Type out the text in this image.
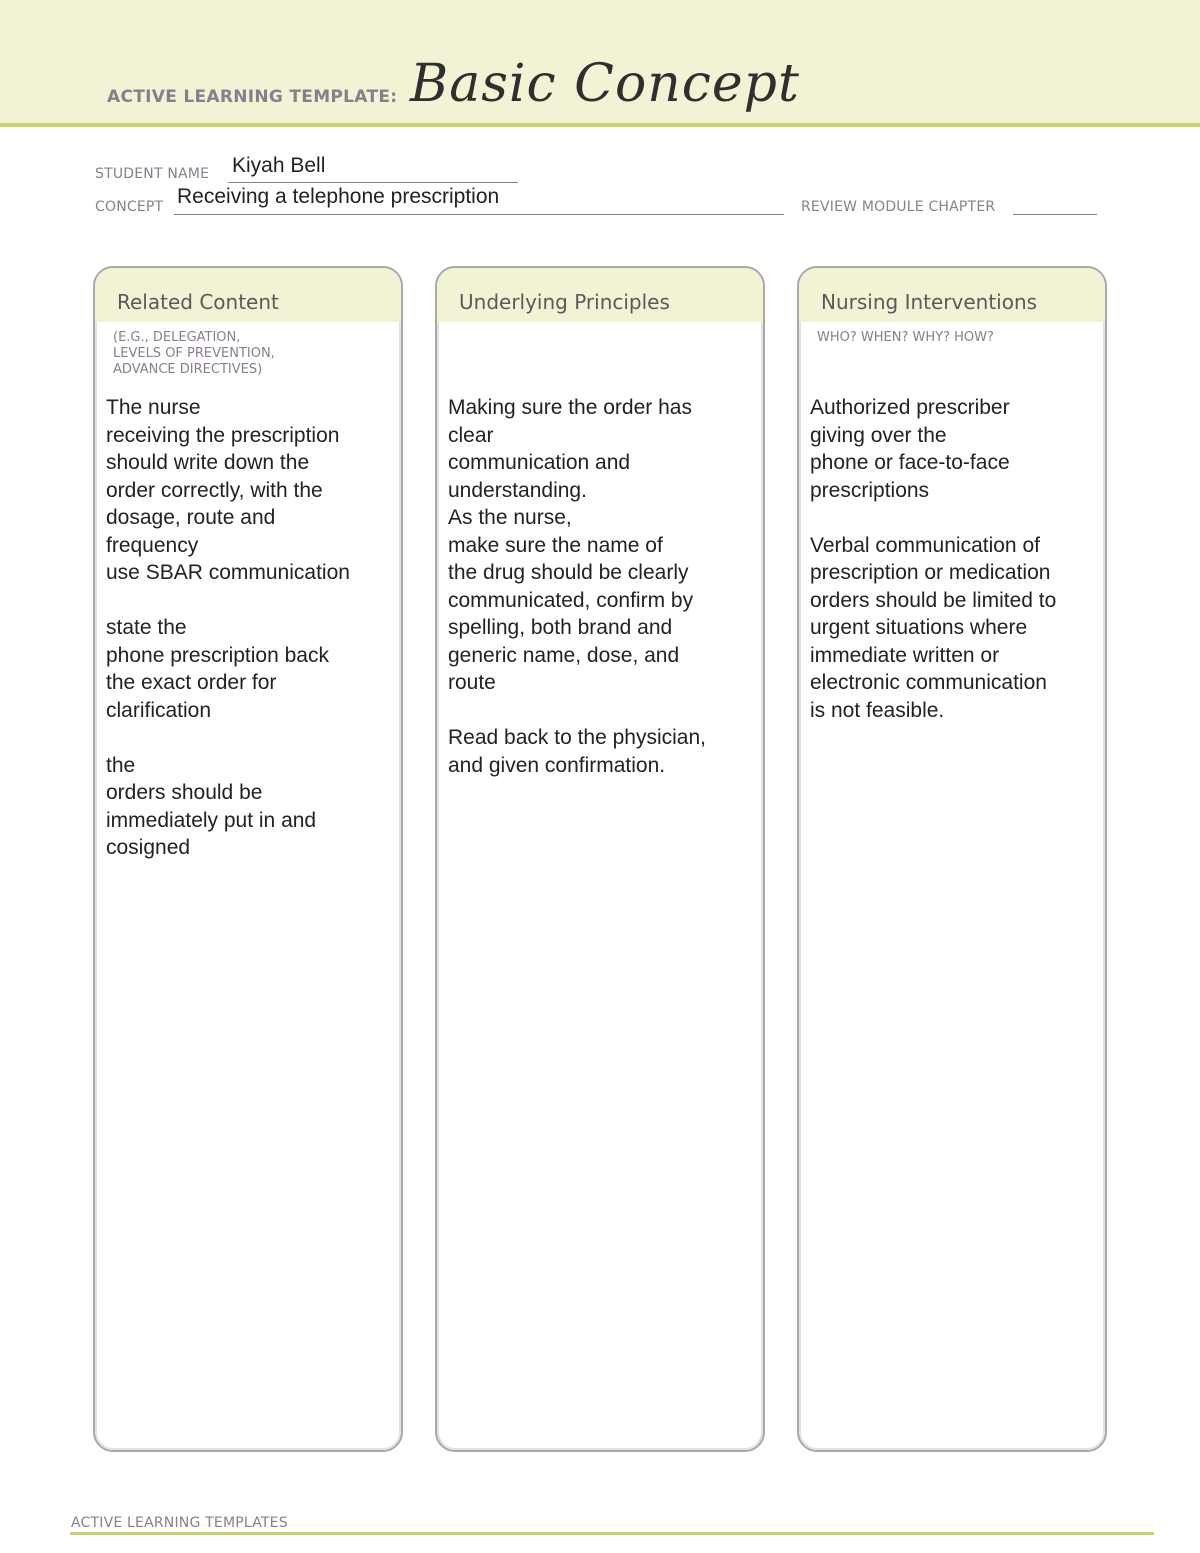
ACTIVE LEARNING TEMPLATE: Basic Concept
STUDENT NAME Kiyah Bell
CONCEPT Receiving a telephone prescription	REVIEW MODULE CHAPTER
Related Content
(E.G., DELEGATION,
LEVELS OF PREVENTION,
ADVANCE DIRECTIVES)
The nurse
receiving the prescription
should write down the
order correctly, with the
dosage, route and
frequency
use SBAR communication

state the
phone prescription back
the exact order for
clarification

the
orders should be
immediately put in and
cosigned
Underlying Principles
Making sure the order has
clear
communication and
understanding.
As the nurse,
make sure the name of
the drug should be clearly
communicated, confirm by
spelling, both brand and
generic name, dose, and
route

Read back to the physician,
and given confirmation.
Nursing Interventions
WHO? WHEN? WHY? HOW?
Authorized prescriber
giving over the
phone or face-to-face
prescriptions

Verbal communication of
prescription or medication
orders should be limited to
urgent situations where
immediate written or
electronic communication
is not feasible.
ACTIVE LEARNING TEMPLATES
